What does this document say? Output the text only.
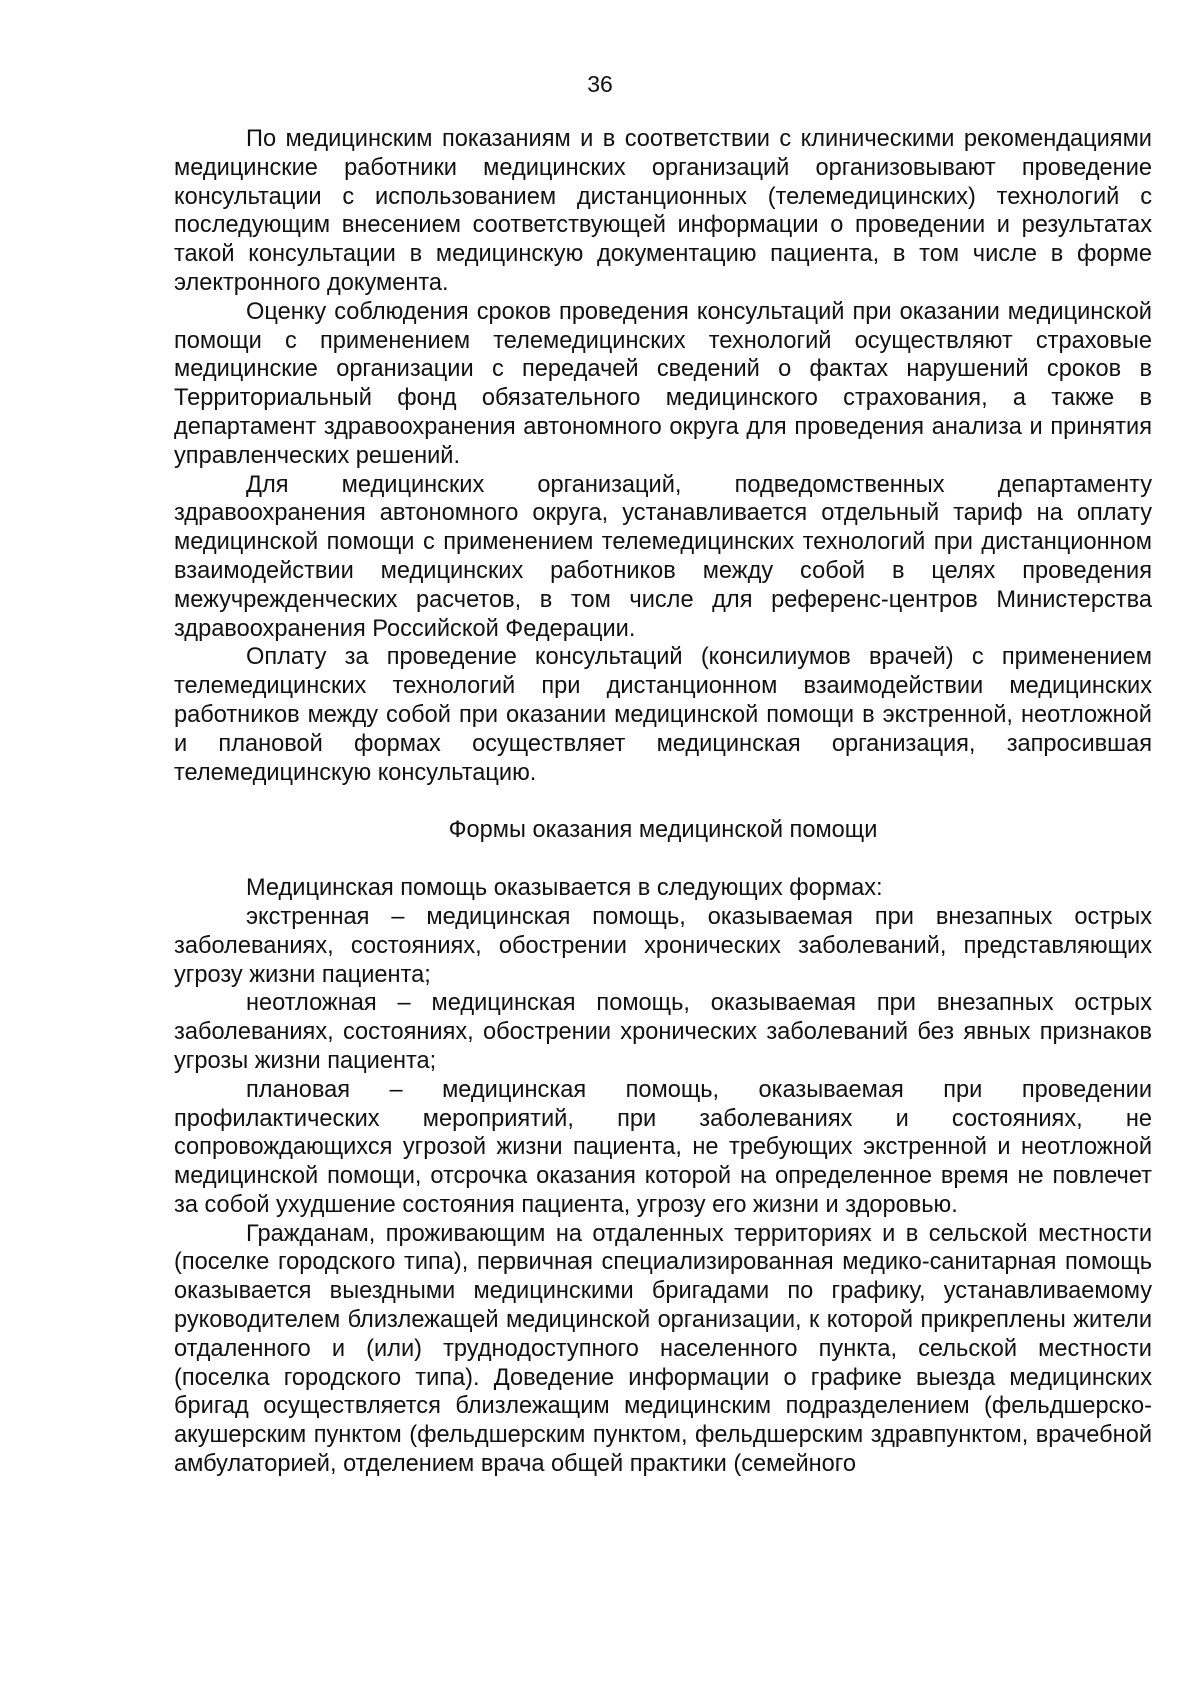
36

По медицинским показаниям и в соответствии с клиническими рекомендациями медицинские работники медицинских организаций организовывают проведение консультации с использованием дистанционных (телемедицинских) технологий с последующим внесением соответствующей информации о проведении и результатах такой консультации в медицинскую документацию пациента, в том числе в форме электронного документа.

Оценку соблюдения сроков проведения консультаций при оказании медицинской помощи с применением телемедицинских технологий осуществляют страховые медицинские организации с передачей сведений о фактах нарушений сроков в Территориальный фонд обязательного медицинского страхования, а также в департамент здравоохранения автономного округа для проведения анализа и принятия управленческих решений.

Для медицинских организаций, подведомственных департаменту здравоохранения автономного округа, устанавливается отдельный тариф на оплату медицинской помощи с применением телемедицинских технологий при дистанционном взаимодействии медицинских работников между собой в целях проведения межучрежденческих расчетов, в том числе для референс-центров Министерства здравоохранения Российской Федерации.

Оплату за проведение консультаций (консилиумов врачей) с применением телемедицинских технологий при дистанционном взаимодействии медицинских работников между собой при оказании медицинской помощи в экстренной, неотложной и плановой формах осуществляет медицинская организация, запросившая телемедицинскую консультацию.

Формы оказания медицинской помощи

Медицинская помощь оказывается в следующих формах:

экстренная – медицинская помощь, оказываемая при внезапных острых заболеваниях, состояниях, обострении хронических заболеваний, представляющих угрозу жизни пациента;

неотложная – медицинская помощь, оказываемая при внезапных острых заболеваниях, состояниях, обострении хронических заболеваний без явных признаков угрозы жизни пациента;

плановая – медицинская помощь, оказываемая при проведении профилактических мероприятий, при заболеваниях и состояниях, не сопровождающихся угрозой жизни пациента, не требующих экстренной и неотложной медицинской помощи, отсрочка оказания которой на определенное время не повлечет за собой ухудшение состояния пациента, угрозу его жизни и здоровью.

Гражданам, проживающим на отдаленных территориях и в сельской местности (поселке городского типа), первичная специализированная медико-санитарная помощь оказывается выездными медицинскими бригадами по графику, устанавливаемому руководителем близлежащей медицинской организации, к которой прикреплены жители отдаленного и (или) труднодоступного населенного пункта, сельской местности (поселка городского типа). Доведение информации о графике выезда медицинских бригад осуществляется близлежащим медицинским подразделением (фельдшерско-акушерским пунктом (фельдшерским пунктом, фельдшерским здравпунктом, врачебной амбулаторией, отделением врача общей практики (семейного
